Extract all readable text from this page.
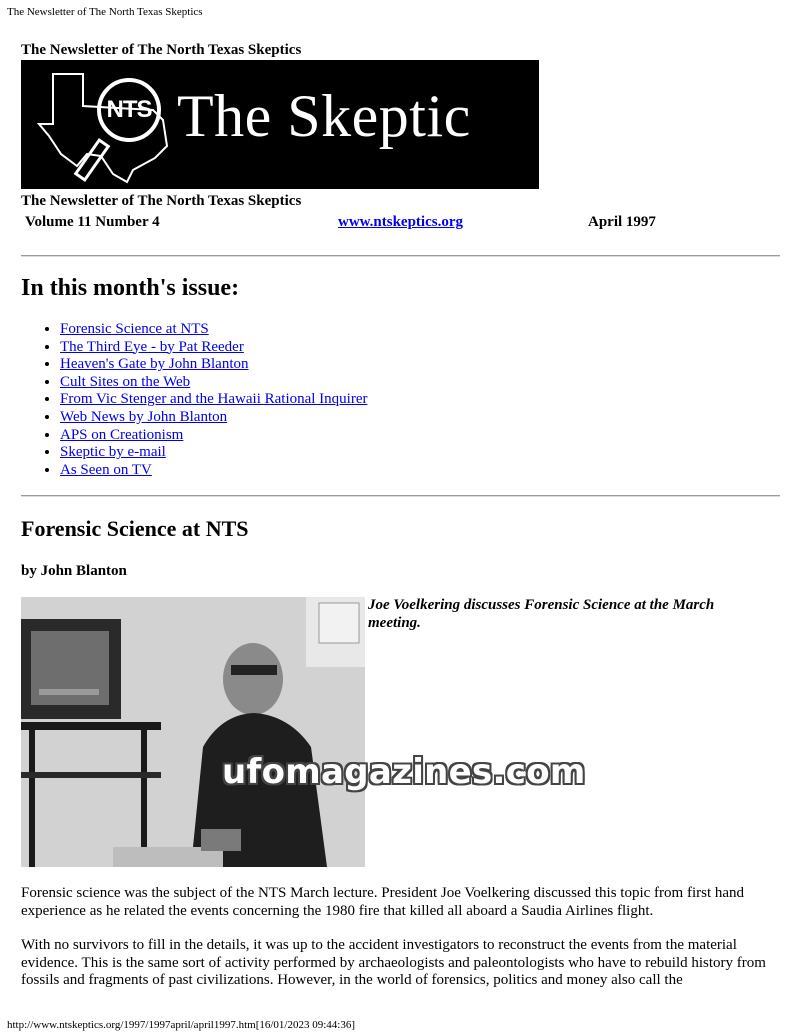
The Newsletter of The North Texas Skeptics
The Newsletter of The North Texas Skeptics
NTS The Skeptic
The Newsletter of The North Texas Skeptics
Volume 11 Number 4	www.ntskeptics.org	April 1997
In this month's issue:
• Forensic Science at NTS
• The Third Eye - by Pat Reeder
• Heaven's Gate by John Blanton
• Cult Sites on the Web
• From Vic Stenger and the Hawaii Rational Inquirer
• Web News by John Blanton
• APS on Creationism
• Skeptic by e-mail
• As Seen on TV
Forensic Science at NTS
by John Blanton
Joe Voelkering discusses Forensic Science at the March meeting.
ufomagazines.com

Forensic science was the subject of the NTS March lecture. President Joe Voelkering discussed this topic from first hand experience as he related the events concerning the 1980 fire that killed all aboard a Saudia Airlines flight.

With no survivors to fill in the details, it was up to the accident investigators to reconstruct the events from the material evidence. This is the same sort of activity performed by archaeologists and paleontologists who have to rebuild history from fossils and fragments of past civilizations. However, in the world of forensics, politics and money also call the

http://www.ntskeptics.org/1997/1997april/april1997.htm[16/01/2023 09:44:36]
